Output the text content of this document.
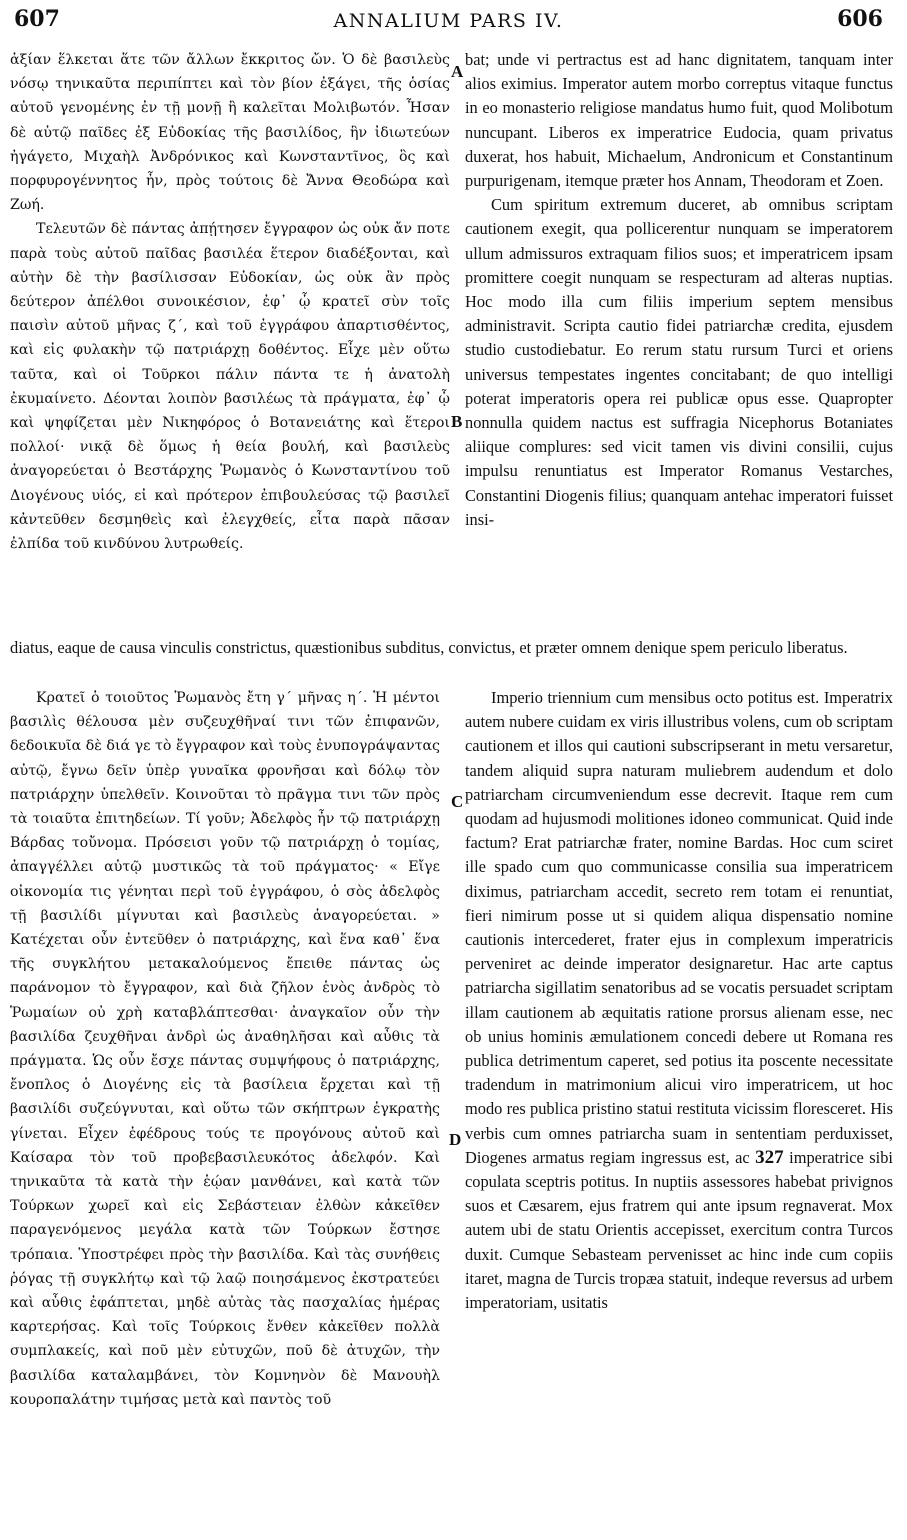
607	ANNALIUM PARS IV.	606

ἀξίαν ἕλκεται ἅτε τῶν ἄλλων ἔκκριτος ὤν. Ὁ δὲ βασιλεὺς νόσῳ τηνικαῦτα περιπίπτει καὶ τὸν βίον ἐξάγει, τῆς ὁσίας αὐτοῦ γενομένης ἐν τῇ μονῇ ἢ καλεῖται Μολιβωτόν. Ἦσαν δὲ αὐτῷ παῖδες ἐξ Εὐδοκίας τῆς βασιλίδος, ἣν ἰδιωτεύων ἠγάγετο, Μιχαὴλ Ἀνδρόνικος καὶ Κωνσταντῖνος, ὃς καὶ πορφυρογέννητος ἦν, πρὸς τούτοις δὲ Ἄννα Θεοδώρα καὶ Ζωή.

Τελευτῶν δὲ πάντας ἀπῄτησεν ἔγγραφον ὡς οὐκ ἄν ποτε παρὰ τοὺς αὐτοῦ παῖδας βασιλέα ἕτερον διαδέξονται, καὶ αὐτὴν δὲ τὴν βασίλισσαν Εὐδοκίαν, ὡς οὐκ ἂν πρὸς δεύτερον ἀπέλθοι συνοικέσιον, ἐφ᾽ ᾧ κρατεῖ σὺν τοῖς παισὶν αὐτοῦ μῆνας ζ΄, καὶ τοῦ ἐγγράφου ἀπαρτισθέντος, καὶ εἰς φυλακὴν τῷ πατριάρχῃ δοθέντος. Εἶχε μὲν οὕτω ταῦτα, καὶ οἱ Τοῦρκοι πάλιν πάντα τε ἡ ἀνατολὴ ἐκυμαίνετο. Δέονται λοιπὸν βασιλέως τὰ πράγματα, ἐφ᾽ ᾧ καὶ ψηφίζεται μὲν Νικηφόρος ὁ Βοτανειάτης καὶ ἕτεροι πολλοί· νικᾷ δὲ ὅμως ἡ θεία βουλή, καὶ βασιλεὺς ἀναγορεύεται ὁ Βεστάρχης Ῥωμανὸς ὁ Κωνσταντίνου τοῦ Διογένους υἱός, εἰ καὶ πρότερον ἐπιβουλεύσας τῷ βασιλεῖ κἀντεῦθεν δεσμηθεὶς καὶ ἐλεγχθείς, εἶτα παρὰ πᾶσαν ἐλπίδα τοῦ κινδύνου λυτρωθείς.

bat; unde vi pertractus est ad hanc dignitatem, tanquam inter alios eximius. Imperator autem morbo correptus vitaque functus in eo monasterio religiose mandatus humo fuit, quod Molibotum nuncupant. Liberos ex imperatrice Eudocia, quam privatus duxerat, hos habuit, Michaelum, Andronicum et Constantinum purpurigenam, itemque præter hos Annam, Theodoram et Zoen.

Cum spiritum extremum duceret, ab omnibus scriptam cautionem exegit, qua pollicerentur nunquam se imperatorem ullum admissuros extraquam filios suos; et imperatricem ipsam promittere coegit nunquam se respecturam ad alteras nuptias. Hoc modo illa cum filiis imperium septem mensibus administravit. Scripta cautio fidei patriarchæ credita, ejusdem studio custodiebatur. Eo rerum statu rursum Turci et oriens universus tempestates ingentes concitabant; de quo intelligi poterat imperatoris opera rei publicæ opus esse. Quapropter nonnulla quidem nactus est suffragia Nicephorus Botaniates aliique complures: sed vicit tamen vis divini consilii, cujus impulsu renuntiatus est Imperator Romanus Vestarches, Constantini Diogenis filius; quanquam antehac imperatori fuisset insi-

diatus, eaque de causa vinculis constrictus, quæstionibus subditus, convictus, et præter omnem denique spem periculo liberatus.

Κρατεῖ ὁ τοιοῦτος Ῥωμανὸς ἔτη γ΄ μῆνας η΄. Ἡ μέντοι βασιλὶς θέλουσα μὲν συζευχθῆναί τινι τῶν ἐπιφανῶν, δεδοικυῖα δὲ διά γε τὸ ἔγγραφον καὶ τοὺς ἐνυπογράψαντας αὐτῷ, ἔγνω δεῖν ὑπὲρ γυναῖκα φρονῆσαι καὶ δόλῳ τὸν πατριάρχην ὑπελθεῖν. Κοινοῦται τὸ πρᾶγμα τινι τῶν πρὸς τὰ τοιαῦτα ἐπιτηδείων. Τί γοῦν; Ἀδελφὸς ἦν τῷ πατριάρχῃ Βάρδας τοὔνομα. Πρόσεισι γοῦν τῷ πατριάρχῃ ὁ τομίας, ἀπαγγέλλει αὐτῷ μυστικῶς τὰ τοῦ πράγματος· « Εἴγε οἰκονομία τις γένηται περὶ τοῦ ἐγγράφου, ὁ σὸς ἀδελφὸς τῇ βασιλίδι μίγνυται καὶ βασιλεὺς ἀναγορεύεται. » Κατέχεται οὖν ἐντεῦθεν ὁ πατριάρχης, καὶ ἕνα καθ᾽ ἕνα τῆς συγκλήτου μετακαλούμενος ἔπειθε πάντας ὡς παράνομον τὸ ἔγγραφον, καὶ διὰ ζῆλον ἑνὸς ἀνδρὸς τὸ Ῥωμαίων οὐ χρὴ καταβλάπτεσθαι· ἀναγκαῖον οὖν τὴν βασιλίδα ζευχθῆναι ἀνδρὶ ὡς ἀναθηλῆσαι καὶ αὖθις τὰ πράγματα. Ὡς οὖν ἔσχε πάντας συμψήφους ὁ πατριάρχης, ἔνοπλος ὁ Διογένης εἰς τὰ βασίλεια ἔρχεται καὶ τῇ βασιλίδι συζεύγνυται, καὶ οὕτω τῶν σκήπτρων ἐγκρατὴς γίνεται. Εἶχεν ἐφέδρους τούς τε προγόνους αὐτοῦ καὶ Καίσαρα τὸν τοῦ προβεβασιλευκότος ἀδελφόν. Καὶ τηνικαῦτα τὰ κατὰ τὴν ἑῴαν μανθάνει, καὶ κατὰ τῶν Τούρκων χωρεῖ καὶ εἰς Σεβάστειαν ἐλθὼν κἀκεῖθεν παραγενόμενος μεγάλα κατὰ τῶν Τούρκων ἔστησε τρόπαια. Ὑποστρέφει πρὸς τὴν βασιλίδα. Καὶ τὰς συνήθεις ῥόγας τῇ συγκλήτῳ καὶ τῷ λαῷ ποιησάμενος ἐκστρατεύει καὶ αὖθις ἐφάπτεται, μηδὲ αὐτὰς τὰς πασχαλίας ἡμέρας καρτερήσας. Καὶ τοῖς Τούρκοις ἔνθεν κἀκεῖθεν πολλὰ συμπλακείς, καὶ ποῦ μὲν εὐτυχῶν, ποῦ δὲ ἀτυχῶν, τὴν βασιλίδα καταλαμβάνει, τὸν Κομνηνὸν δὲ Μανουὴλ κουροπαλάτην τιμήσας μετὰ καὶ παντὸς τοῦ

Imperio triennium cum mensibus octo potitus est. Imperatrix autem nubere cuidam ex viris illustribus volens, cum ob scriptam cautionem et illos qui cautioni subscripserant in metu versaretur, tandem aliquid supra naturam muliebrem audendum et dolo patriarcham circumveniendum esse decrevit. Itaque rem cum quodam ad hujusmodi molitiones idoneo communicat. Quid inde factum? Erat patriarchæ frater, nomine Bardas. Hoc cum sciret ille spado cum quo communicasse consilia sua imperatricem diximus, patriarcham accedit, secreto rem totam ei renuntiat, fieri nimirum posse ut si quidem aliqua dispensatio nomine cautionis intercederet, frater ejus in complexum imperatricis perveniret ac deinde imperator designaretur. Hac arte captus patriarcha sigillatim senatoribus ad se vocatis persuadet scriptam illam cautionem ab æquitatis ratione prorsus alienam esse, nec ob unius hominis æmulationem concedi debere ut Romana res publica detrimentum caperet, sed potius ita poscente necessitate tradendum in matrimonium alicui viro imperatricem, ut hoc modo res publica pristino statui restituta vicissim floresceret. His verbis cum omnes patriarcha suam in sententiam perduxisset, Diogenes armatus regiam ingressus est, ac 327 imperatrice sibi copulata sceptris potitus. In nuptiis assessores habebat privignos suos et Cæsarem, ejus fratrem qui ante ipsum regnaverat. Mox autem ubi de statu Orientis accepisset, exercitum contra Turcos duxit. Cumque Sebasteam pervenisset ac hinc inde cum copiis itaret, magna de Turcis tropæa statuit, indeque reversus ad urbem imperatoriam, usitatis

A
B
C
D
